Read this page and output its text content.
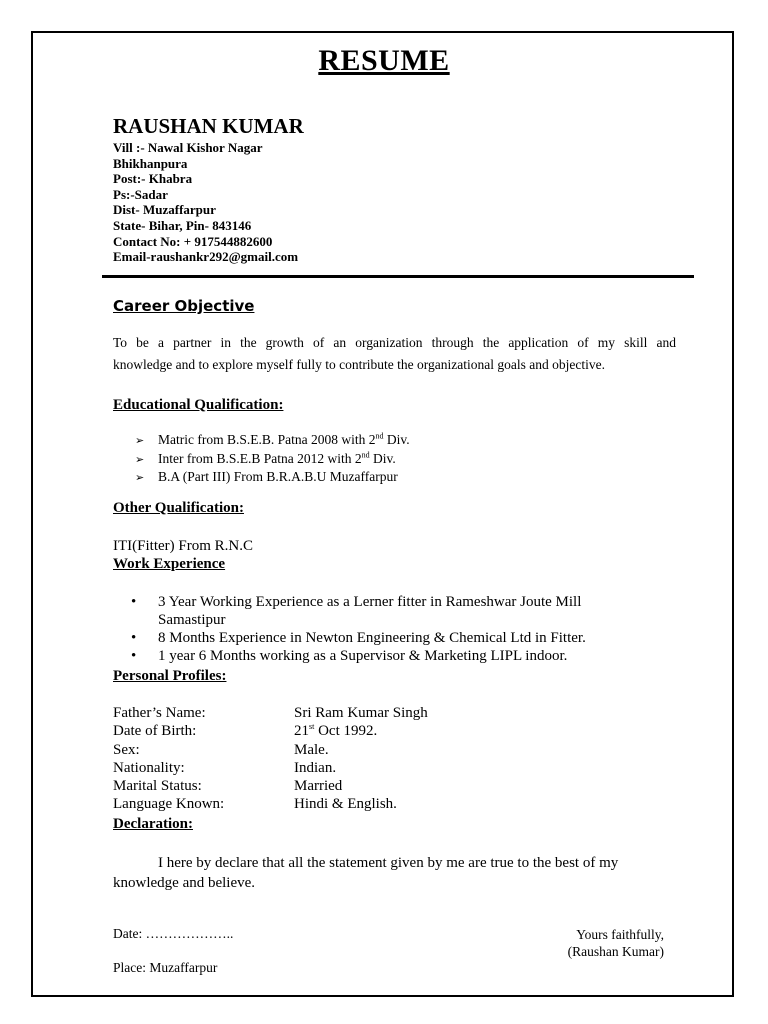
RESUME
RAUSHAN KUMAR
Vill :- Nawal Kishor Nagar
Bhikhanpura
Post:- Khabra
Ps:-Sadar
Dist- Muzaffarpur
State- Bihar, Pin- 843146
Contact No: + 917544882600
Email-raushankr292@gmail.com
Career Objective
To be a partner in the growth of an organization through the application of my skill and
knowledge and to explore myself fully to contribute the organizational goals and objective.
Educational Qualification:
➢	Matric from B.S.E.B. Patna 2008 with 2nd Div.
➢	Inter from B.S.E.B Patna 2012 with 2nd Div.
➢	B.A (Part III) From B.R.A.B.U Muzaffarpur
Other Qualification:
ITI(Fitter) From R.N.C
Work Experience
•	3 Year Working Experience as a Lerner fitter in Rameshwar Joute Mill Samastipur
•	8 Months Experience in Newton Engineering & Chemical Ltd in Fitter.
•	1 year 6 Months working as a Supervisor & Marketing LIPL indoor.
Personal Profiles:
Father’s Name:	Sri Ram Kumar Singh
Date of Birth:	21st Oct 1992.
Sex:	Male.
Nationality:	Indian.
Marital Status:	Married
Language Known:	Hindi & English.
Declaration:
I here by declare that all the statement given by me are true to the best of my
knowledge and believe.
Date: ………………..
Place: Muzaffarpur
Yours faithfully,
(Raushan Kumar)
